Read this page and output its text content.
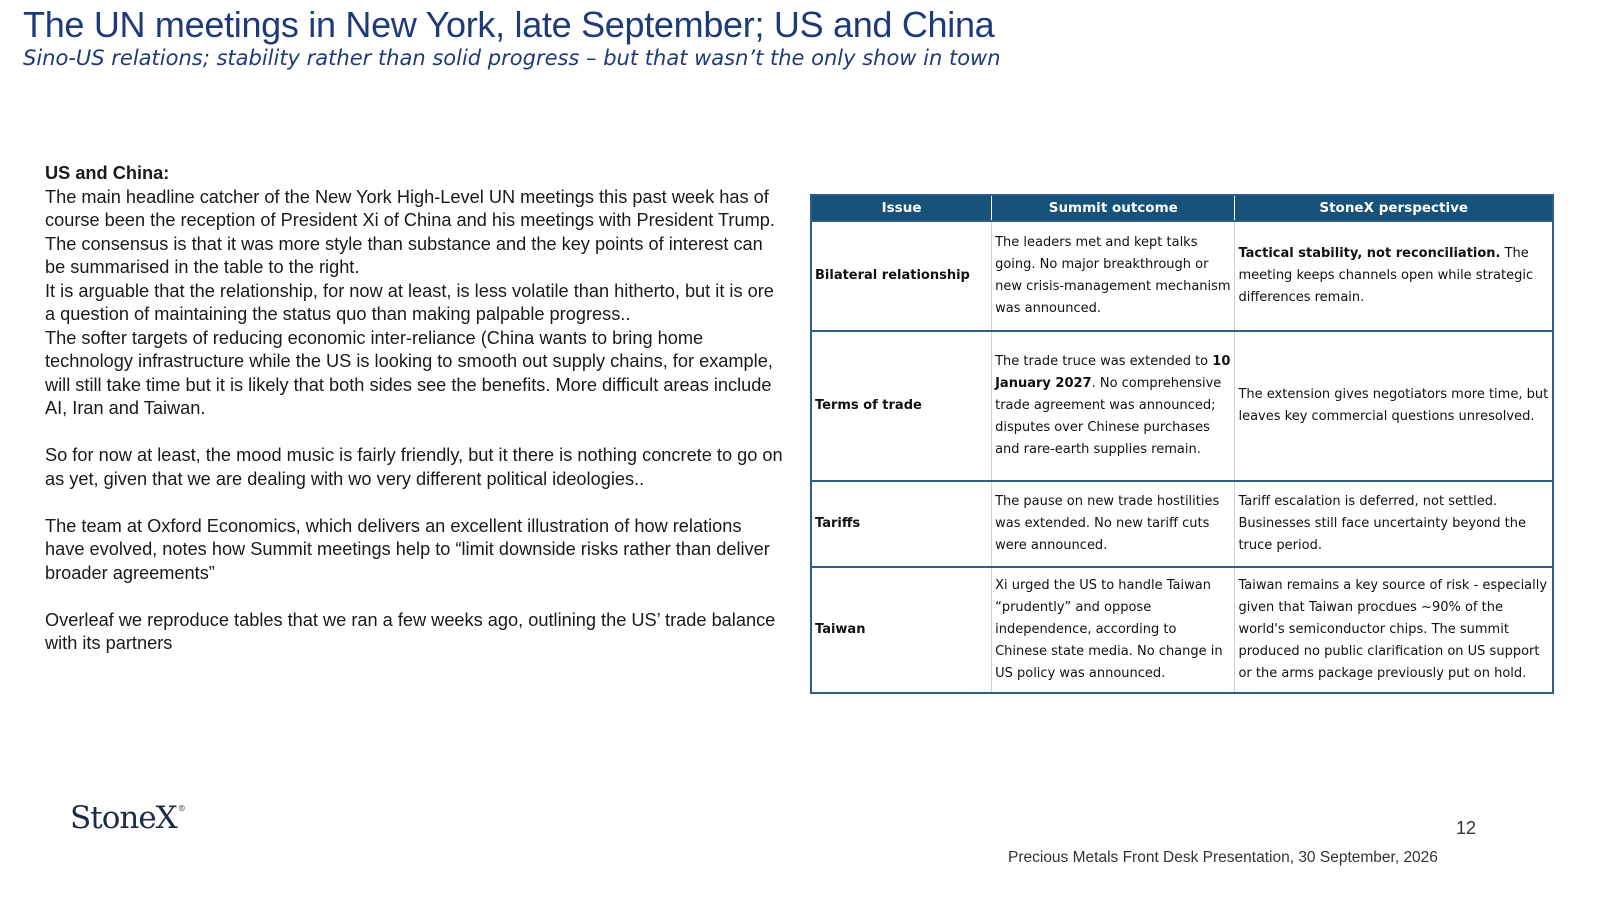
The UN meetings in New York, late September; US and China
Sino-US relations; stability rather than solid progress – but that wasn’t the only show in town

US and China:

The main headline catcher of the New York High-Level UN meetings this past week has of course been the reception of President Xi of China and his meetings with President Trump. The consensus is that it was more style than substance and the key points of interest can be summarised in the table to the right.

It is arguable that the relationship, for now at least, is less volatile than hitherto, but it is ore a question of maintaining the status quo than making palpable progress..

The softer targets of reducing economic inter-reliance (China wants to bring home technology infrastructure while the US is looking to smooth out supply chains, for example, will still take time but it is likely that both sides see the benefits. More difficult areas include AI, Iran and Taiwan.

So for now at least, the mood music is fairly friendly, but it there is nothing concrete to go on as yet, given that we are dealing with wo very different political ideologies..

The team at Oxford Economics, which delivers an excellent illustration of how relations have evolved, notes how Summit meetings help to “limit downside risks rather than deliver broader agreements”

Overleaf we reproduce tables that we ran a few weeks ago, outlining the US’ trade balance with its partners

Issue	Summit outcome	StoneX perspective
Bilateral relationship	The leaders met and kept talks going. No major breakthrough or new crisis-management mechanism was announced.	Tactical stability, not reconciliation. The meeting keeps channels open while strategic differences remain.
Terms of trade	The trade truce was extended to 10 January 2027. No comprehensive trade agreement was announced; disputes over Chinese purchases and rare-earth supplies remain.	The extension gives negotiators more time, but leaves key commercial questions unresolved.
Tariffs	The pause on new trade hostilities was extended. No new tariff cuts were announced.	Tariff escalation is deferred, not settled. Businesses still face uncertainty beyond the truce period.
Taiwan	Xi urged the US to handle Taiwan “prudently” and oppose independence, according to Chinese state media. No change in US policy was announced.	Taiwan remains a key source of risk - especially given that Taiwan procdues ~90% of the world's semiconductor chips. The summit produced no public clarification on US support or the arms package previously put on hold.
StoneX®
12
Precious Metals Front Desk Presentation, 30 September, 2026
